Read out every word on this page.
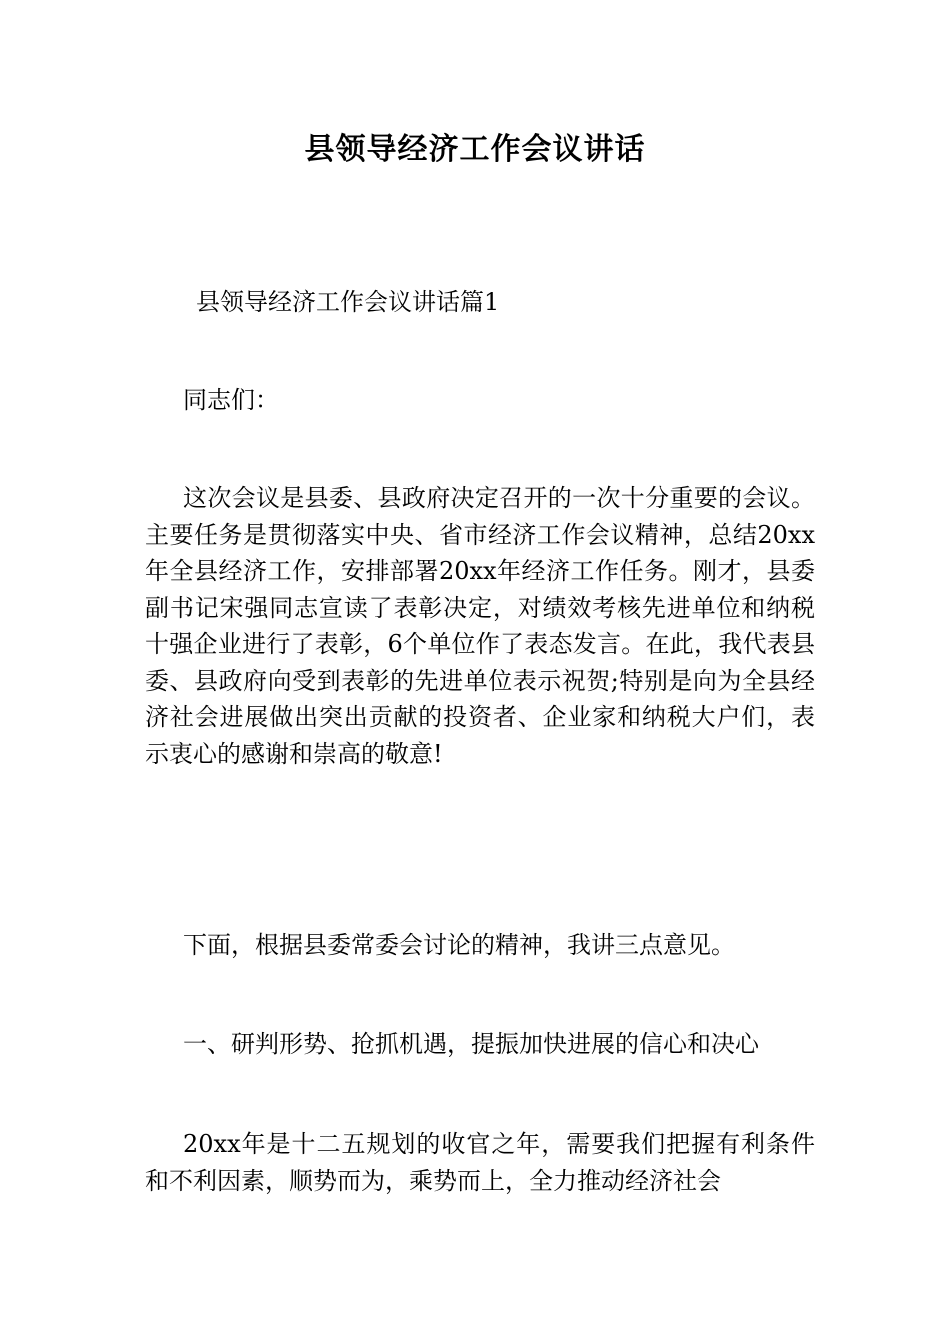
县领导经济工作会议讲话

县领导经济工作会议讲话篇1

同志们：

这次会议是县委、县政府决定召开的一次十分重要的会议。主要任务是贯彻落实中央、省市经济工作会议精神，总结20xx年全县经济工作，安排部署20xx年经济工作任务。刚才，县委副书记宋强同志宣读了表彰决定，对绩效考核先进单位和纳税十强企业进行了表彰，6个单位作了表态发言。在此，我代表县委、县政府向受到表彰的先进单位表示祝贺;特别是向为全县经济社会进展做出突出贡献的投资者、企业家和纳税大户们，表示衷心的感谢和崇高的敬意!

下面，根据县委常委会讨论的精神，我讲三点意见。

一、研判形势、抢抓机遇，提振加快进展的信心和决心

20xx年是十二五规划的收官之年，需要我们把握有利条件和不利因素，顺势而为，乘势而上，全力推动经济社会
